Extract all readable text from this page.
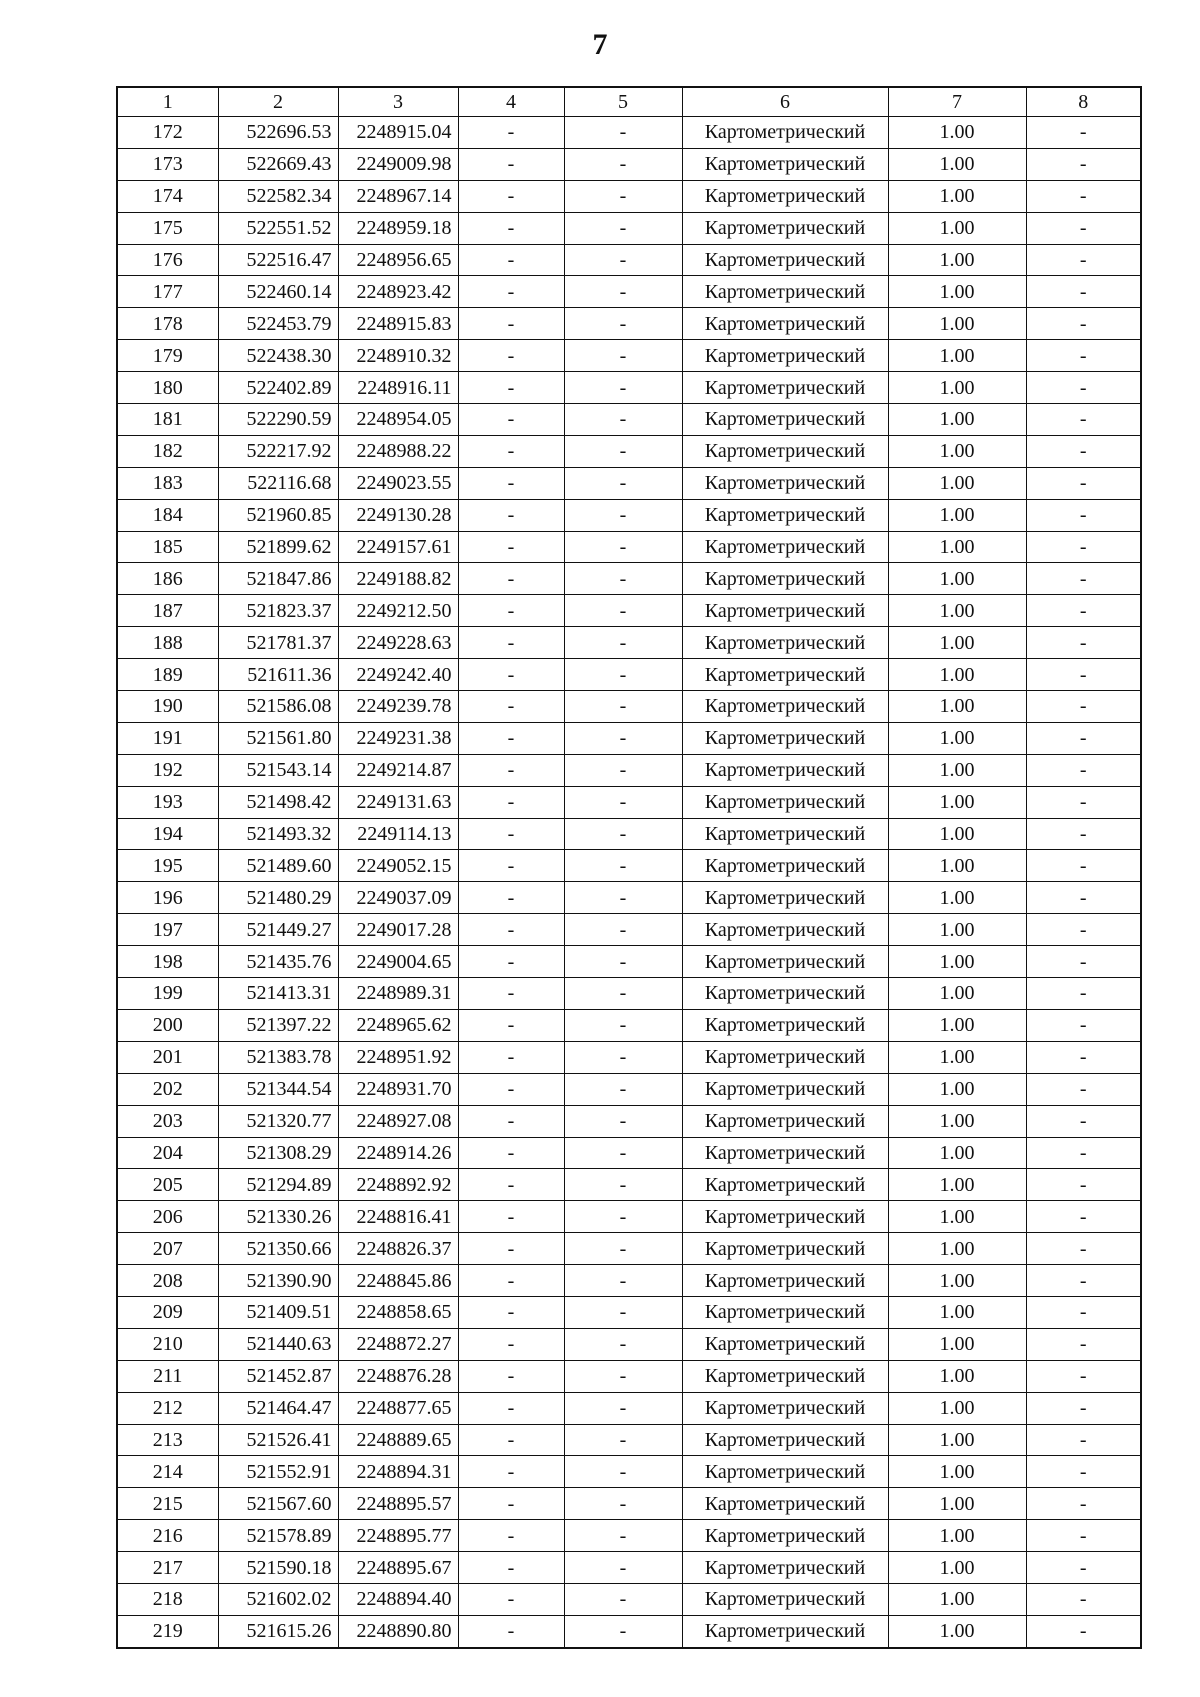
7
1	2	3	4	5	6	7	8
172	522696.53	2248915.04	-	-	Картометрический	1.00	-
173	522669.43	2249009.98	-	-	Картометрический	1.00	-
174	522582.34	2248967.14	-	-	Картометрический	1.00	-
175	522551.52	2248959.18	-	-	Картометрический	1.00	-
176	522516.47	2248956.65	-	-	Картометрический	1.00	-
177	522460.14	2248923.42	-	-	Картометрический	1.00	-
178	522453.79	2248915.83	-	-	Картометрический	1.00	-
179	522438.30	2248910.32	-	-	Картометрический	1.00	-
180	522402.89	2248916.11	-	-	Картометрический	1.00	-
181	522290.59	2248954.05	-	-	Картометрический	1.00	-
182	522217.92	2248988.22	-	-	Картометрический	1.00	-
183	522116.68	2249023.55	-	-	Картометрический	1.00	-
184	521960.85	2249130.28	-	-	Картометрический	1.00	-
185	521899.62	2249157.61	-	-	Картометрический	1.00	-
186	521847.86	2249188.82	-	-	Картометрический	1.00	-
187	521823.37	2249212.50	-	-	Картометрический	1.00	-
188	521781.37	2249228.63	-	-	Картометрический	1.00	-
189	521611.36	2249242.40	-	-	Картометрический	1.00	-
190	521586.08	2249239.78	-	-	Картометрический	1.00	-
191	521561.80	2249231.38	-	-	Картометрический	1.00	-
192	521543.14	2249214.87	-	-	Картометрический	1.00	-
193	521498.42	2249131.63	-	-	Картометрический	1.00	-
194	521493.32	2249114.13	-	-	Картометрический	1.00	-
195	521489.60	2249052.15	-	-	Картометрический	1.00	-
196	521480.29	2249037.09	-	-	Картометрический	1.00	-
197	521449.27	2249017.28	-	-	Картометрический	1.00	-
198	521435.76	2249004.65	-	-	Картометрический	1.00	-
199	521413.31	2248989.31	-	-	Картометрический	1.00	-
200	521397.22	2248965.62	-	-	Картометрический	1.00	-
201	521383.78	2248951.92	-	-	Картометрический	1.00	-
202	521344.54	2248931.70	-	-	Картометрический	1.00	-
203	521320.77	2248927.08	-	-	Картометрический	1.00	-
204	521308.29	2248914.26	-	-	Картометрический	1.00	-
205	521294.89	2248892.92	-	-	Картометрический	1.00	-
206	521330.26	2248816.41	-	-	Картометрический	1.00	-
207	521350.66	2248826.37	-	-	Картометрический	1.00	-
208	521390.90	2248845.86	-	-	Картометрический	1.00	-
209	521409.51	2248858.65	-	-	Картометрический	1.00	-
210	521440.63	2248872.27	-	-	Картометрический	1.00	-
211	521452.87	2248876.28	-	-	Картометрический	1.00	-
212	521464.47	2248877.65	-	-	Картометрический	1.00	-
213	521526.41	2248889.65	-	-	Картометрический	1.00	-
214	521552.91	2248894.31	-	-	Картометрический	1.00	-
215	521567.60	2248895.57	-	-	Картометрический	1.00	-
216	521578.89	2248895.77	-	-	Картометрический	1.00	-
217	521590.18	2248895.67	-	-	Картометрический	1.00	-
218	521602.02	2248894.40	-	-	Картометрический	1.00	-
219	521615.26	2248890.80	-	-	Картометрический	1.00	-
